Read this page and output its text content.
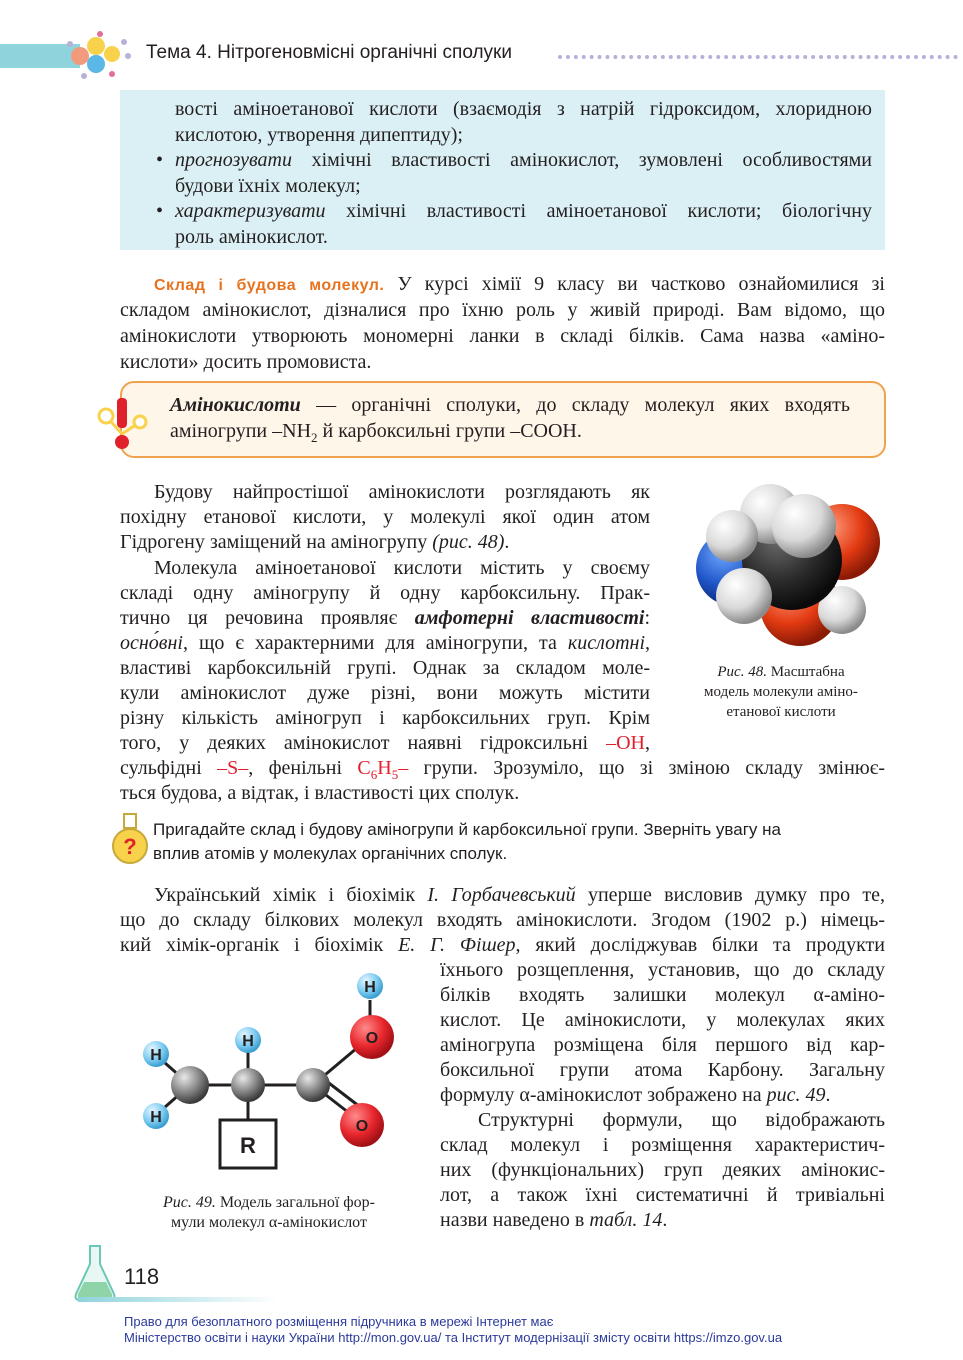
Тема 4. Нітрогеновмісні органічні сполуки
вості аміноетанової кислоти (взаємодія з натрій гідроксидом, хлоридною
кислотою, утворення дипептиду);
• прогнозувати хімічні властивості амінокислот, зумовлені особливостями
будови їхніх молекул;
• характеризувати хімічні властивості аміноетанової кислоти; біологічну
роль амінокислот.
Склад і будова молекул. У курсі хімії 9 класу ви частково ознайомилися зі
складом амінокислот, дізналися про їхню роль у живій природі. Вам відомо, що
амінокислоти утворюють мономерні ланки в складі білків. Сама назва «аміно-
кислоти» досить промовиста.
Амінокислоти — органічні сполуки, до складу молекул яких входять
аміногрупи $-NH_2$ й карбоксильні групи –COOH.
Будову найпростішої амінокислоти розглядають як
похідну етанової кислоти, у молекулі якої один атом
Гідрогену заміщений на аміногрупу (рис. 48).
Молекула аміноетанової кислоти містить у своєму
складі одну аміногрупу й одну карбоксильну. Прак-
тично ця речовина проявляє амфотерні властивості:
осно́вні, що є характерними для аміногрупи, та кислотні,
властиві карбоксильній групі. Однак за складом моле-
кули амінокислот дуже різні, вони можуть містити
різну кількість аміногруп і карбоксильних груп. Крім
того, у деяких амінокислот наявні гідроксильні –OH,
сульфідні –S–, фенільні $C_6H_5-$ групи. Зрозуміло, що зі зміною складу змінює-
ться будова, а відтак, і властивості цих сполук.
Рис. 48. Масштабна
модель молекули аміно-
етанової кислоти
?
Пригадайте склад і будову аміногрупи й карбоксильної групи. Зверніть увагу на
вплив атомів у молекулах органічних сполук.
Український хімік і біохімік І. Горбачевський уперше висловив думку про те,
що до складу білкових молекул входять амінокислоти. Згодом (1902 р.) німець-
кий хімік-органік і біохімік Е. Г. Фішер, який досліджував білки та продукти
їхнього розщеплення, установив, що до складу
білків входять залишки молекул α-аміно-
кислот. Це амінокислоти, у молекулах яких
аміногрупа розміщена біля першого від кар-
боксильної групи атома Карбону. Загальну
формулу α-амінокислот зображено на рис. 49.
Структурні формули, що відображають
склад молекул і розміщення характеристич-
них (функціональних) груп деяких амінокис-
лот, а також їхні систематичні й тривіальні
назви наведено в табл. 14.
H
H
H
H
O
O
R
Рис. 49. Модель загальної фор-
мули молекул α-амінокислот
118
Право для безоплатного розміщення підручника в мережі Інтернет має
Міністерство освіти і науки України http://mon.gov.ua/ та Інститут модернізації змісту освіти https://imzo.gov.ua
